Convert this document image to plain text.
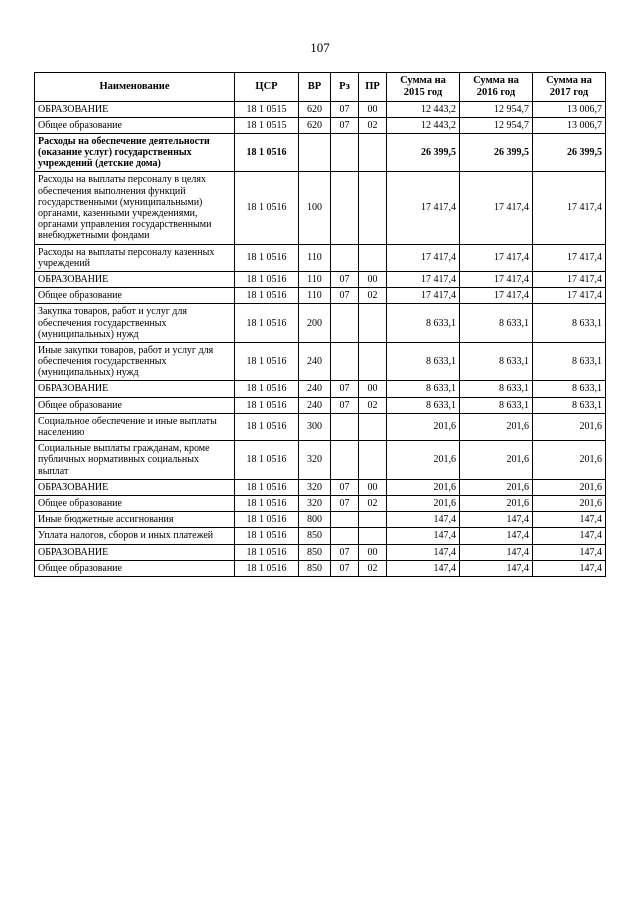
107
Наименование	ЦСР	ВР	Рз	ПР	Сумма на 2015 год	Сумма на 2016 год	Сумма на 2017 год
ОБРАЗОВАНИЕ	18 1 0515	620	07	00	12 443,2	12 954,7	13 006,7
Общее образование	18 1 0515	620	07	02	12 443,2	12 954,7	13 006,7
Расходы на обеспечение деятельности (оказание услуг) государственных учреждений (детские дома)	18 1 0516				26 399,5	26 399,5	26 399,5
Расходы на выплаты персоналу в целях обеспечения выполнения функций государственными (муниципальными) органами, казенными учреждениями, органами управления государственными внебюджетными фондами	18 1 0516	100			17 417,4	17 417,4	17 417,4
Расходы на выплаты персоналу казенных учреждений	18 1 0516	110			17 417,4	17 417,4	17 417,4
ОБРАЗОВАНИЕ	18 1 0516	110	07	00	17 417,4	17 417,4	17 417,4
Общее образование	18 1 0516	110	07	02	17 417,4	17 417,4	17 417,4
Закупка товаров, работ и услуг для обеспечения государственных (муниципальных) нужд	18 1 0516	200			8 633,1	8 633,1	8 633,1
Иные закупки товаров, работ и услуг для обеспечения государственных (муниципальных) нужд	18 1 0516	240			8 633,1	8 633,1	8 633,1
ОБРАЗОВАНИЕ	18 1 0516	240	07	00	8 633,1	8 633,1	8 633,1
Общее образование	18 1 0516	240	07	02	8 633,1	8 633,1	8 633,1
Социальное обеспечение и иные выплаты населению	18 1 0516	300			201,6	201,6	201,6
Социальные выплаты гражданам, кроме публичных нормативных социальных выплат	18 1 0516	320			201,6	201,6	201,6
ОБРАЗОВАНИЕ	18 1 0516	320	07	00	201,6	201,6	201,6
Общее образование	18 1 0516	320	07	02	201,6	201,6	201,6
Иные бюджетные ассигнования	18 1 0516	800			147,4	147,4	147,4
Уплата налогов, сборов и иных платежей	18 1 0516	850			147,4	147,4	147,4
ОБРАЗОВАНИЕ	18 1 0516	850	07	00	147,4	147,4	147,4
Общее образование	18 1 0516	850	07	02	147,4	147,4	147,4
